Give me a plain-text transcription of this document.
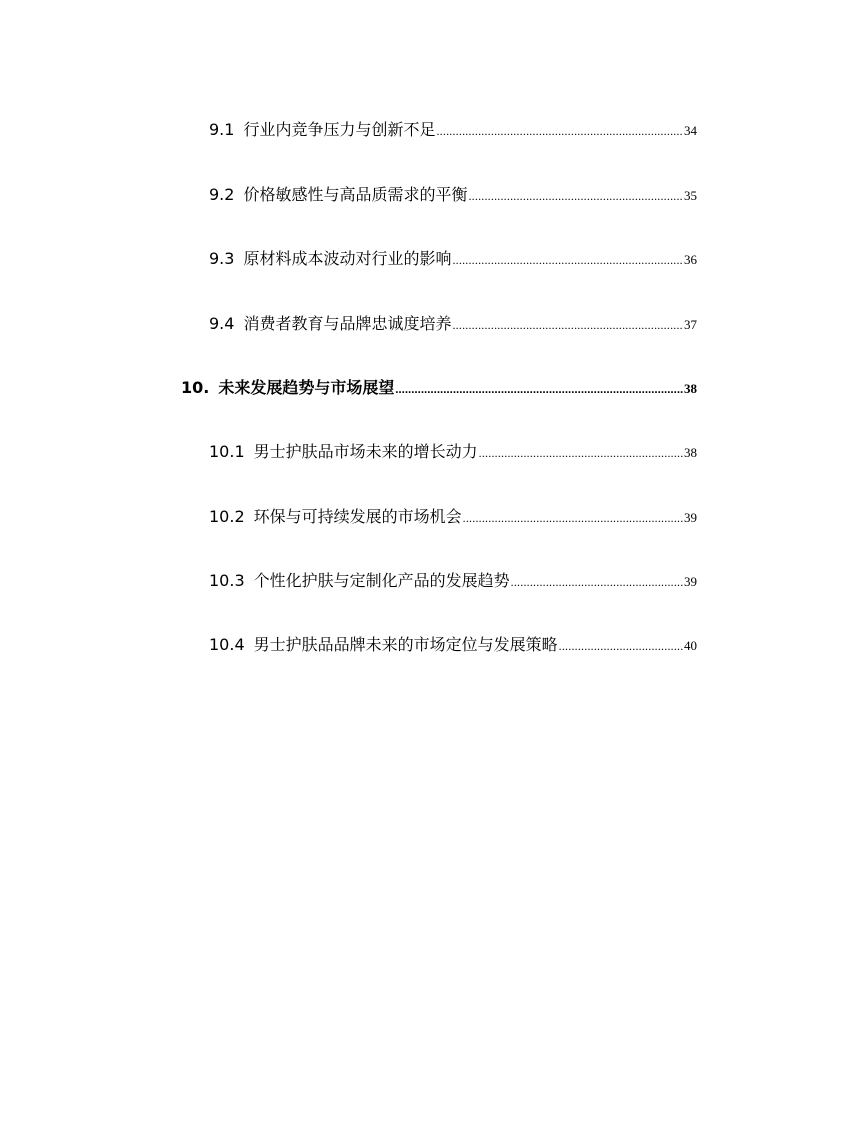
9.1 行业内竞争压力与创新不足 .....	34
9.2 价格敏感性与高品质需求的平衡 .....	35
9.3 原材料成本波动对行业的影响 .....	36
9.4 消费者教育与品牌忠诚度培养 .....	37
10. 未来发展趋势与市场展望 .....	38
10.1 男士护肤品市场未来的增长动力 .....	38
10.2 环保与可持续发展的市场机会 .....	39
10.3 个性化护肤与定制化产品的发展趋势 .....	39
10.4 男士护肤品品牌未来的市场定位与发展策略 .....	40
